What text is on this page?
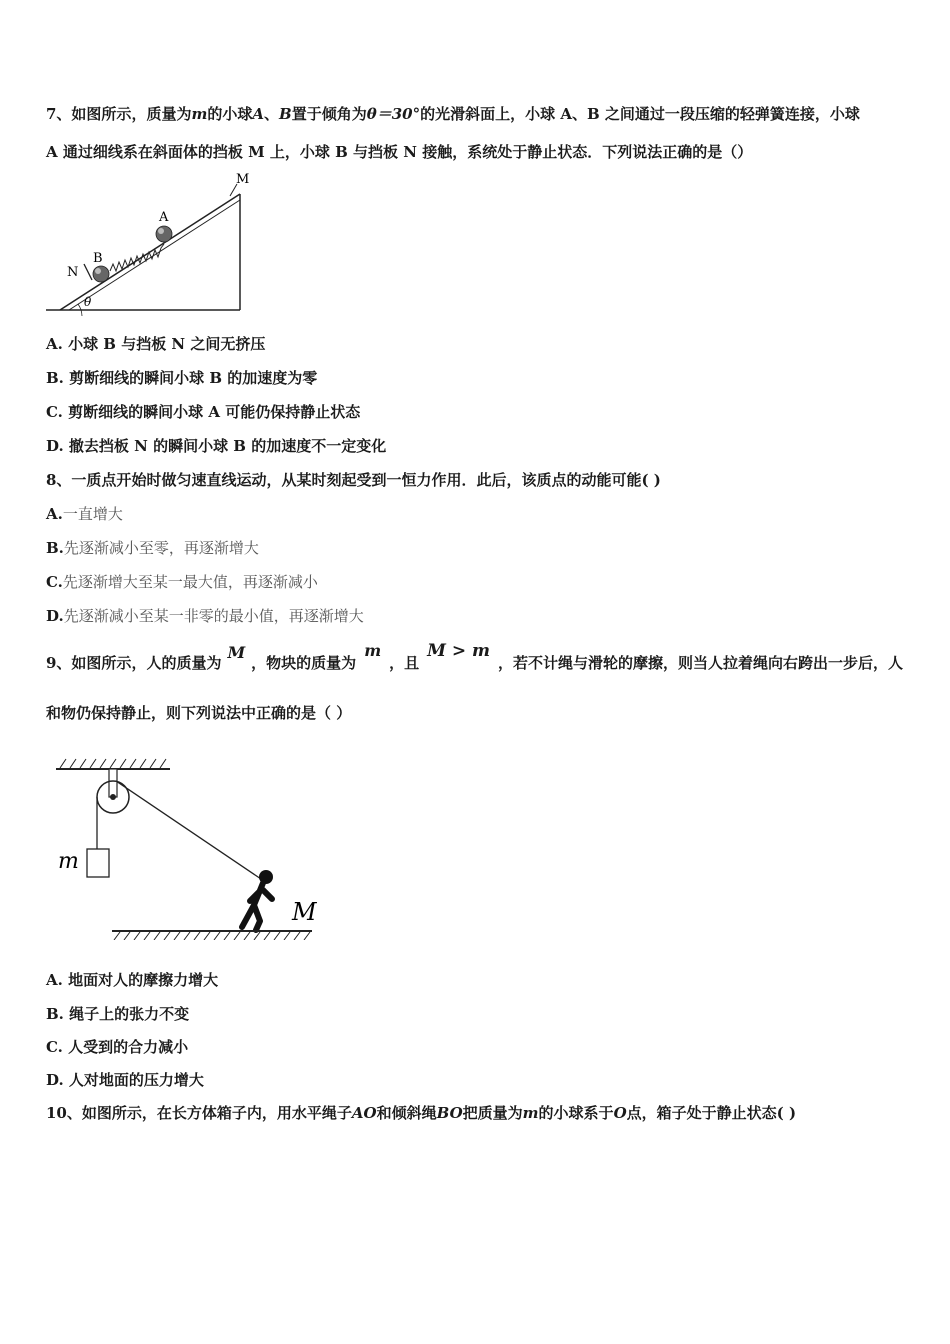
7、如图所示，质量为m的小球A、B置于倾角为θ＝30°的光滑斜面上，小球 A、B 之间通过一段压缩的轻弹簧连接，小球
A 通过细线系在斜面体的挡板 M 上，小球 B 与挡板 N 接触，系统处于静止状态．下列说法正确的是（）
M
θ
A
B
N
A. 小球 B 与挡板 N 之间无挤压
B. 剪断细线的瞬间小球 B 的加速度为零
C. 剪断细线的瞬间小球 A 可能仍保持静止状态
D. 撤去挡板 N 的瞬间小球 B 的加速度不一定变化
8、一质点开始时做匀速直线运动，从某时刻起受到一恒力作用．此后，该质点的动能可能( )
A.一直增大
B.先逐渐减小至零，再逐渐增大
C.先逐渐增大至某一最大值，再逐渐减小
D.先逐渐减小至某一非零的最小值，再逐渐增大
9、如图所示，人的质量为M，物块的质量为m，且M > m，若不计绳与滑轮的摩擦，则当人拉着绳向右跨出一步后，人
和物仍保持静止，则下列说法中正确的是（ ）
m
M
A. 地面对人的摩擦力增大
B. 绳子上的张力不变
C. 人受到的合力减小
D. 人对地面的压力增大
10、如图所示，在长方体箱子内，用水平绳子AO和倾斜绳BO把质量为m的小球系于O点，箱子处于静止状态( )
